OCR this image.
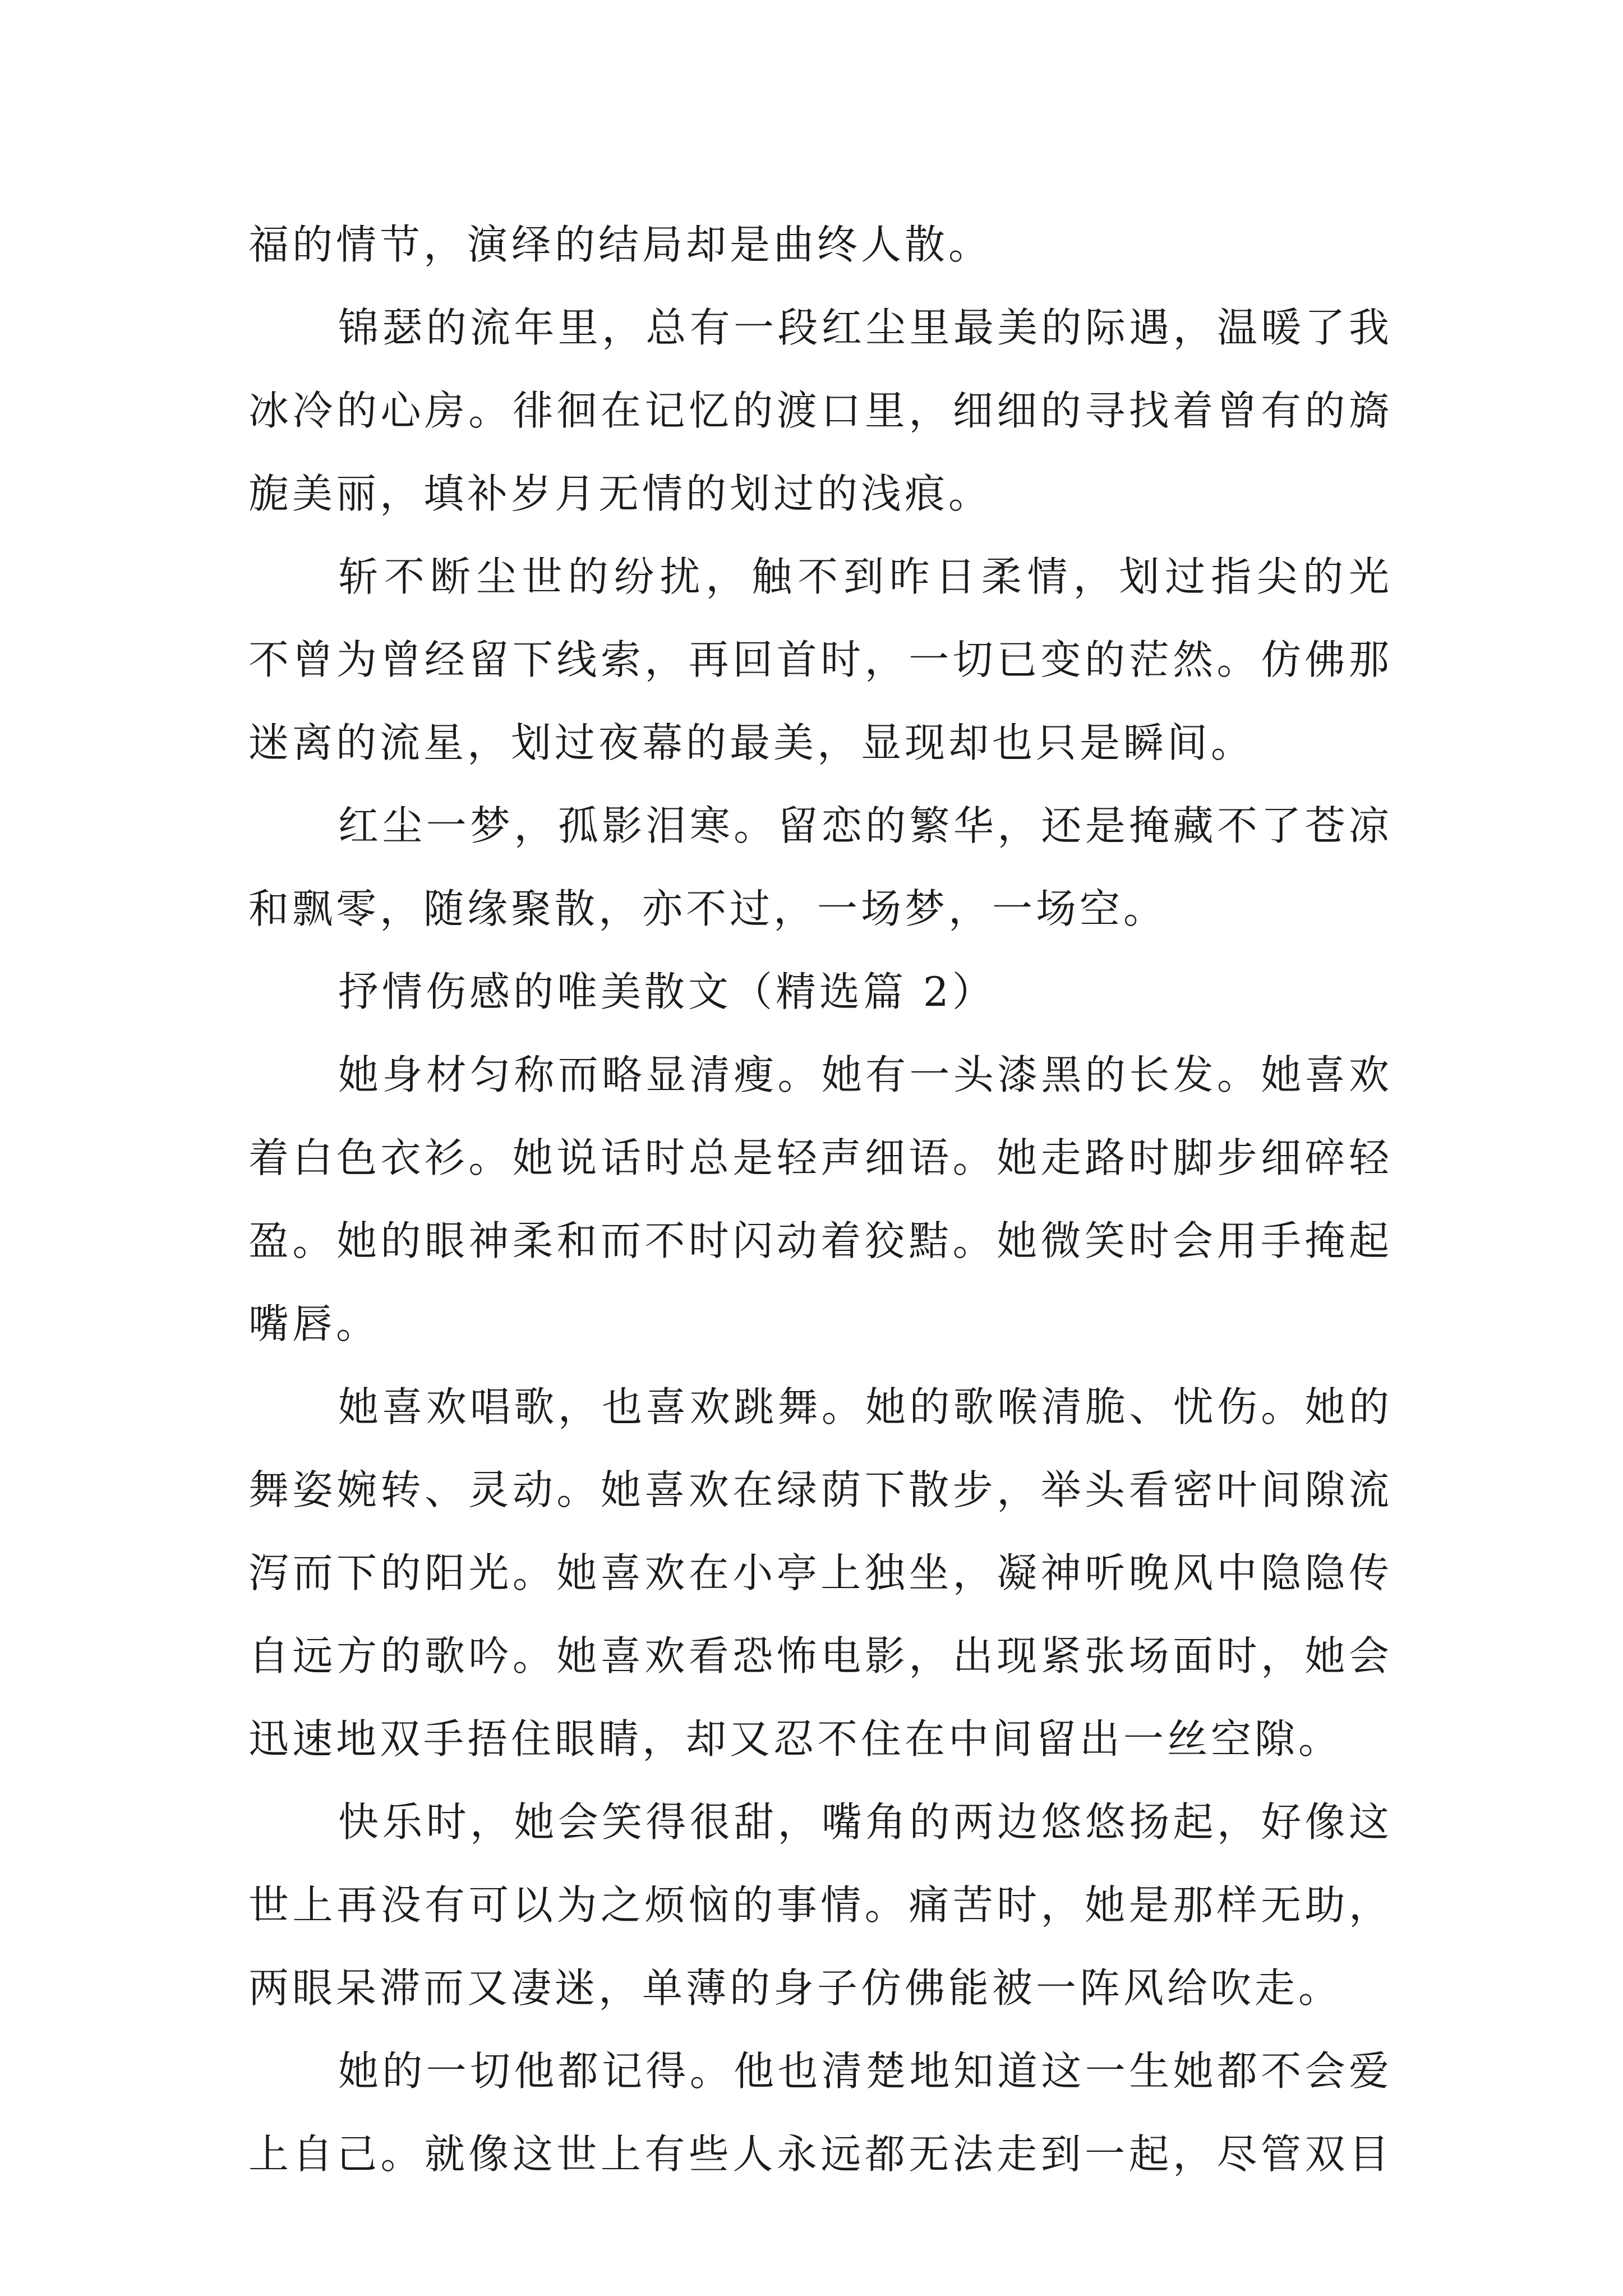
福的情节，演绎的结局却是曲终人散。
锦瑟的流年里，总有一段红尘里最美的际遇，温暖了我
冰冷的心房。徘徊在记忆的渡口里，细细的寻找着曾有的旖
旎美丽，填补岁月无情的划过的浅痕。
斩不断尘世的纷扰，触不到昨日柔情，划过指尖的光
不曾为曾经留下线索，再回首时，一切已变的茫然。仿佛那
迷离的流星，划过夜幕的最美，显现却也只是瞬间。
红尘一梦，孤影泪寒。留恋的繁华，还是掩藏不了苍凉
和飘零，随缘聚散，亦不过，一场梦，一场空。
抒情伤感的唯美散文（精选篇 2）
她身材匀称而略显清瘦。她有一头漆黑的长发。她喜欢
着白色衣衫。她说话时总是轻声细语。她走路时脚步细碎轻
盈。她的眼神柔和而不时闪动着狡黠。她微笑时会用手掩起
嘴唇。
她喜欢唱歌，也喜欢跳舞。她的歌喉清脆、忧伤。她的
舞姿婉转、灵动。她喜欢在绿荫下散步，举头看密叶间隙流
泻而下的阳光。她喜欢在小亭上独坐，凝神听晚风中隐隐传
自远方的歌吟。她喜欢看恐怖电影，出现紧张场面时，她会
迅速地双手捂住眼睛，却又忍不住在中间留出一丝空隙。
快乐时，她会笑得很甜，嘴角的两边悠悠扬起，好像这
世上再没有可以为之烦恼的事情。痛苦时，她是那样无助，
两眼呆滞而又凄迷，单薄的身子仿佛能被一阵风给吹走。
她的一切他都记得。他也清楚地知道这一生她都不会爱
上自己。就像这世上有些人永远都无法走到一起，尽管双目
